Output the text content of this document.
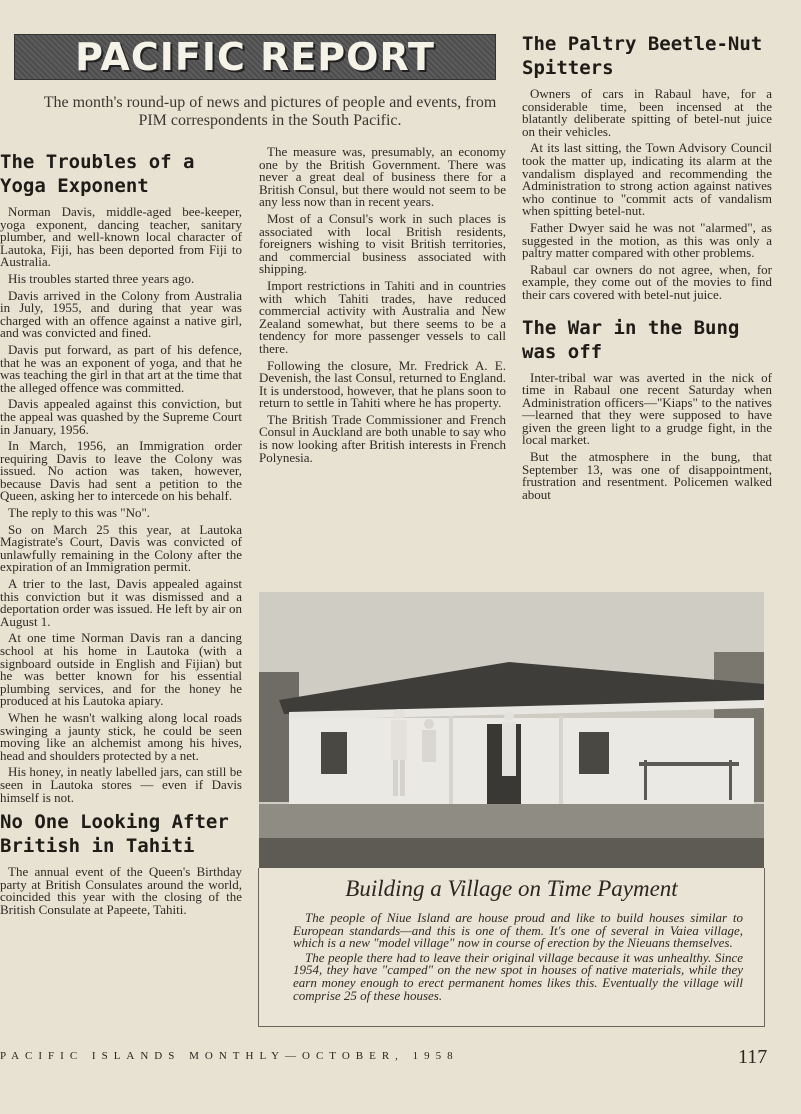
PACIFIC REPORT
The month's round-up of news and pictures of people and events, from PIM correspondents in the South Pacific.
The Troubles of a Yoga Exponent

Norman Davis, middle-aged bee-keeper, yoga exponent, dancing teacher, sanitary plumber, and well-known local character of Lautoka, Fiji, has been deported from Fiji to Australia.

His troubles started three years ago.

Davis arrived in the Colony from Australia in July, 1955, and during that year was charged with an offence against a native girl, and was convicted and fined.

Davis put forward, as part of his defence, that he was an exponent of yoga, and that he was teaching the girl in that art at the time that the alleged offence was committed.

Davis appealed against this conviction, but the appeal was quashed by the Supreme Court in January, 1956.

In March, 1956, an Immigration order requiring Davis to leave the Colony was issued. No action was taken, however, because Davis had sent a petition to the Queen, asking her to intercede on his behalf.

The reply to this was "No".

So on March 25 this year, at Lautoka Magistrate's Court, Davis was convicted of unlawfully remaining in the Colony after the expiration of an Immigration permit.

A trier to the last, Davis appealed against this conviction but it was dismissed and a deportation order was issued. He left by air on August 1.

At one time Norman Davis ran a dancing school at his home in Lautoka (with a signboard outside in English and Fijian) but he was better known for his essential plumbing services, and for the honey he produced at his Lautoka apiary.

When he wasn't walking along local roads swinging a jaunty stick, he could be seen moving like an alchemist among his hives, head and shoulders protected by a net.

His honey, in neatly labelled jars, can still be seen in Lautoka stores — even if Davis himself is not.

No One Looking After British in Tahiti

The annual event of the Queen's Birthday party at British Consulates around the world, coincided this year with the closing of the British Consulate at Papeete, Tahiti.

The measure was, presumably, an economy one by the British Government. There was never a great deal of business there for a British Consul, but there would not seem to be any less now than in recent years.

Most of a Consul's work in such places is associated with local British residents, foreigners wishing to visit British territories, and commercial business associated with shipping.

Import restrictions in Tahiti and in countries with which Tahiti trades, have reduced commercial activity with Australia and New Zealand somewhat, but there seems to be a tendency for more passenger vessels to call there.

Following the closure, Mr. Fredrick A. E. Devenish, the last Consul, returned to England. It is understood, however, that he plans soon to return to settle in Tahiti where he has property.

The British Trade Commissioner and French Consul in Auckland are both unable to say who is now looking after British interests in French Polynesia.

The Paltry Beetle-Nut Spitters

Owners of cars in Rabaul have, for a considerable time, been incensed at the blatantly deliberate spitting of betel-nut juice on their vehicles.

At its last sitting, the Town Advisory Council took the matter up, indicating its alarm at the vandalism displayed and recommending the Administration to strong action against natives who continue to "commit acts of vandalism when spitting betel-nut.

Father Dwyer said he was not "alarmed", as suggested in the motion, as this was only a paltry matter compared with other problems.

Rabaul car owners do not agree, when, for example, they come out of the movies to find their cars covered with betel-nut juice.

The War in the Bung was off

Inter-tribal war was averted in the nick of time in Rabaul one recent Saturday when Administration officers—"Kiaps" to the natives—learned that they were supposed to have given the green light to a grudge fight, in the local market.

But the atmosphere in the bung, that September 13, was one of disappointment, frustration and resentment. Policemen walked about

Building a Village on Time Payment

The people of Niue Island are house proud and like to build houses similar to European standards—and this is one of them. It's one of several in Vaiea village, which is a new "model village" now in course of erection by the Nieuans themselves.

The people there had to leave their original village because it was unhealthy. Since 1954, they have "camped" on the new spot in houses of native materials, while they earn money enough to erect permanent homes likes this. Eventually the village will comprise 25 of these houses.

PACIFIC ISLANDS MONTHLY—OCTOBER, 1958	117
